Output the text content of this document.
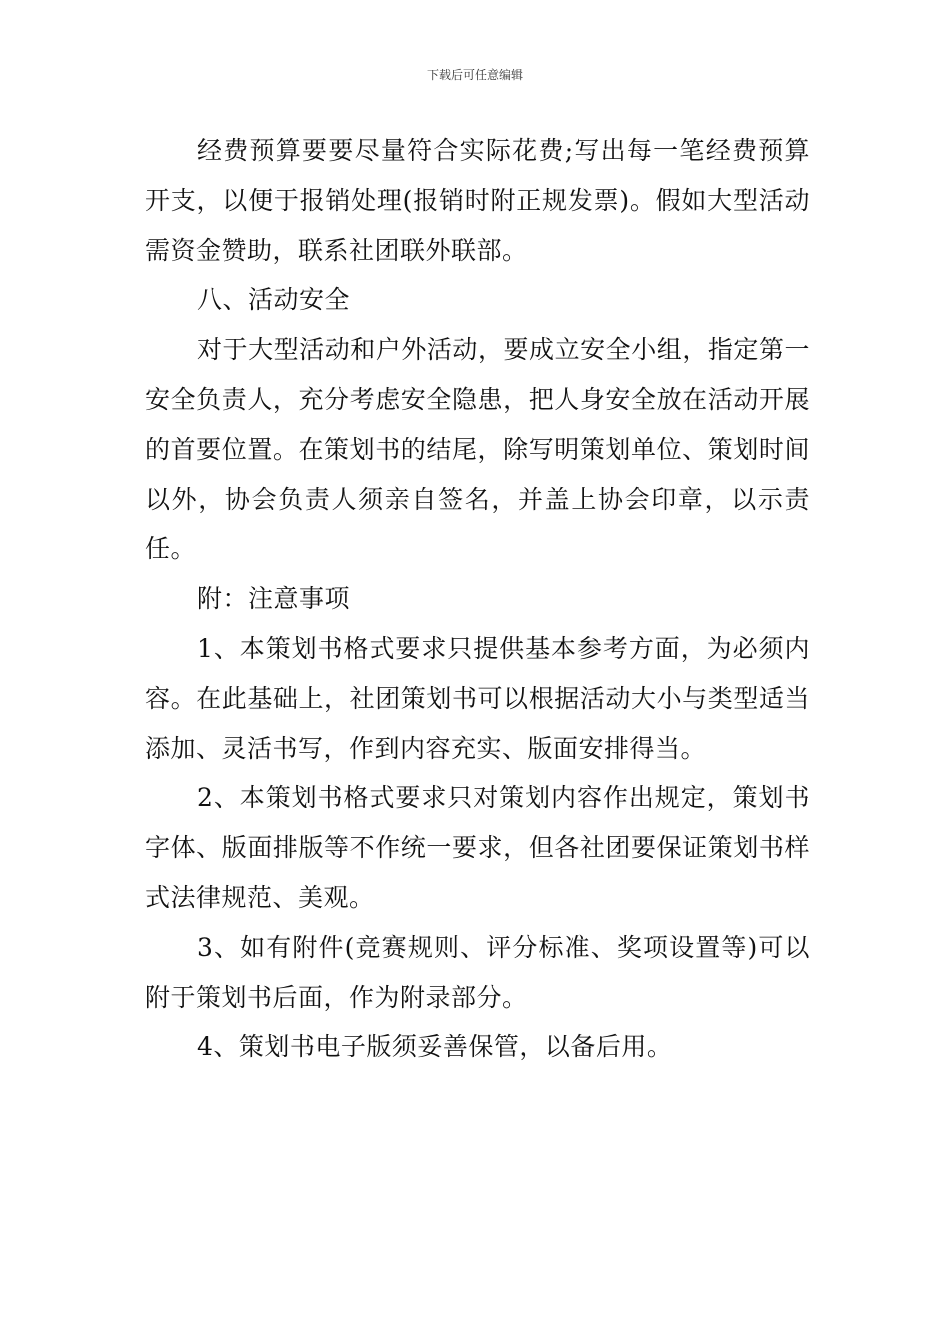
下载后可任意编辑

经费预算要要尽量符合实际花费;写出每一笔经费预算开支，以便于报销处理(报销时附正规发票)。假如大型活动需资金赞助，联系社团联外联部。

八、活动安全

对于大型活动和户外活动，要成立安全小组，指定第一安全负责人，充分考虑安全隐患，把人身安全放在活动开展的首要位置。在策划书的结尾，除写明策划单位、策划时间以外，协会负责人须亲自签名，并盖上协会印章，以示责任。

附：注意事项

1、本策划书格式要求只提供基本参考方面，为必须内容。在此基础上，社团策划书可以根据活动大小与类型适当添加、灵活书写，作到内容充实、版面安排得当。

2、本策划书格式要求只对策划内容作出规定，策划书字体、版面排版等不作统一要求，但各社团要保证策划书样式法律规范、美观。

3、如有附件(竞赛规则、评分标准、奖项设置等)可以附于策划书后面，作为附录部分。

4、策划书电子版须妥善保管，以备后用。
